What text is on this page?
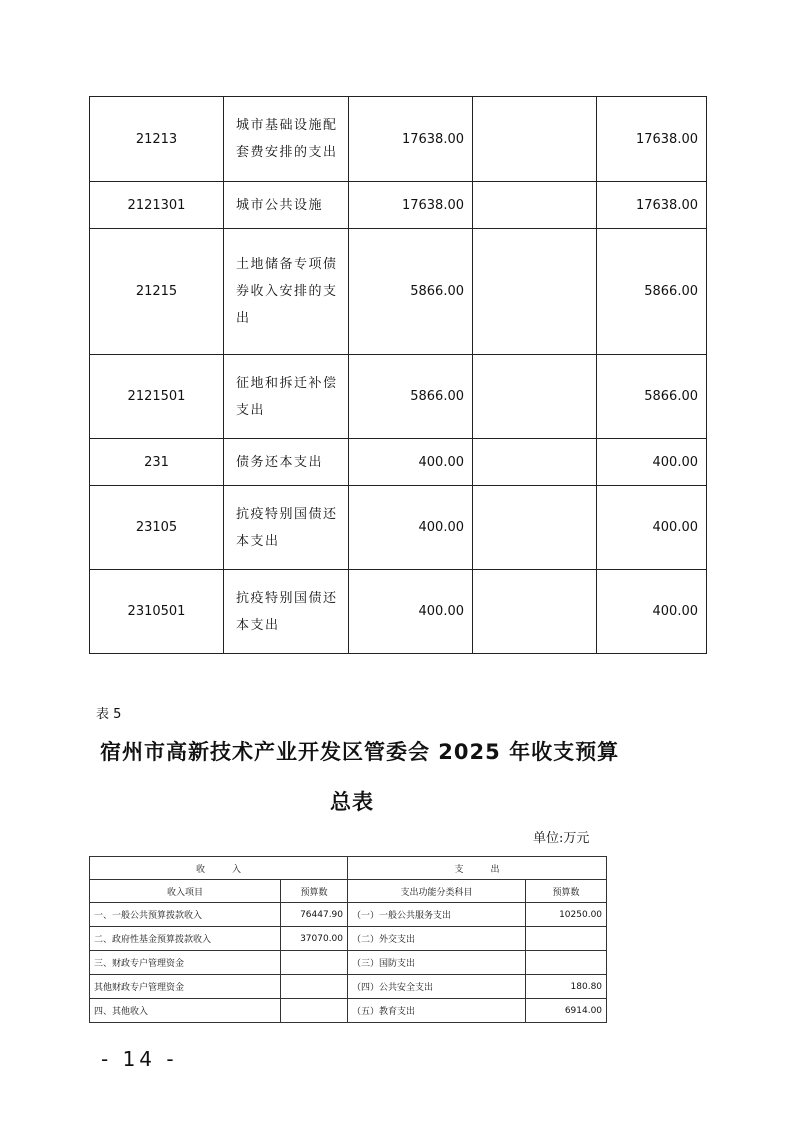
21213	城市基础设施配套费安排的支出	17638.00		17638.00
2121301	城市公共设施	17638.00		17638.00
21215	土地储备专项债券收入安排的支出	5866.00		5866.00
2121501	征地和拆迁补偿支出	5866.00		5866.00
231	债务还本支出	400.00		400.00
23105	抗疫特别国债还本支出	400.00		400.00
2310501	抗疫特别国债还本支出	400.00		400.00
表 5
宿州市高新技术产业开发区管委会 2025 年收支预算
总表
单位:万元
收　　　入		支　　　出	
收入项目	预算数	支出功能分类科目	预算数
一、一般公共预算拨款收入	76447.90	（一）一般公共服务支出	10250.00
二、政府性基金预算拨款收入	37070.00	（二）外交支出	
三、财政专户管理资金		（三）国防支出	
其他财政专户管理资金		（四）公共安全支出	180.80
四、其他收入		（五）教育支出	6914.00
- 14 -
